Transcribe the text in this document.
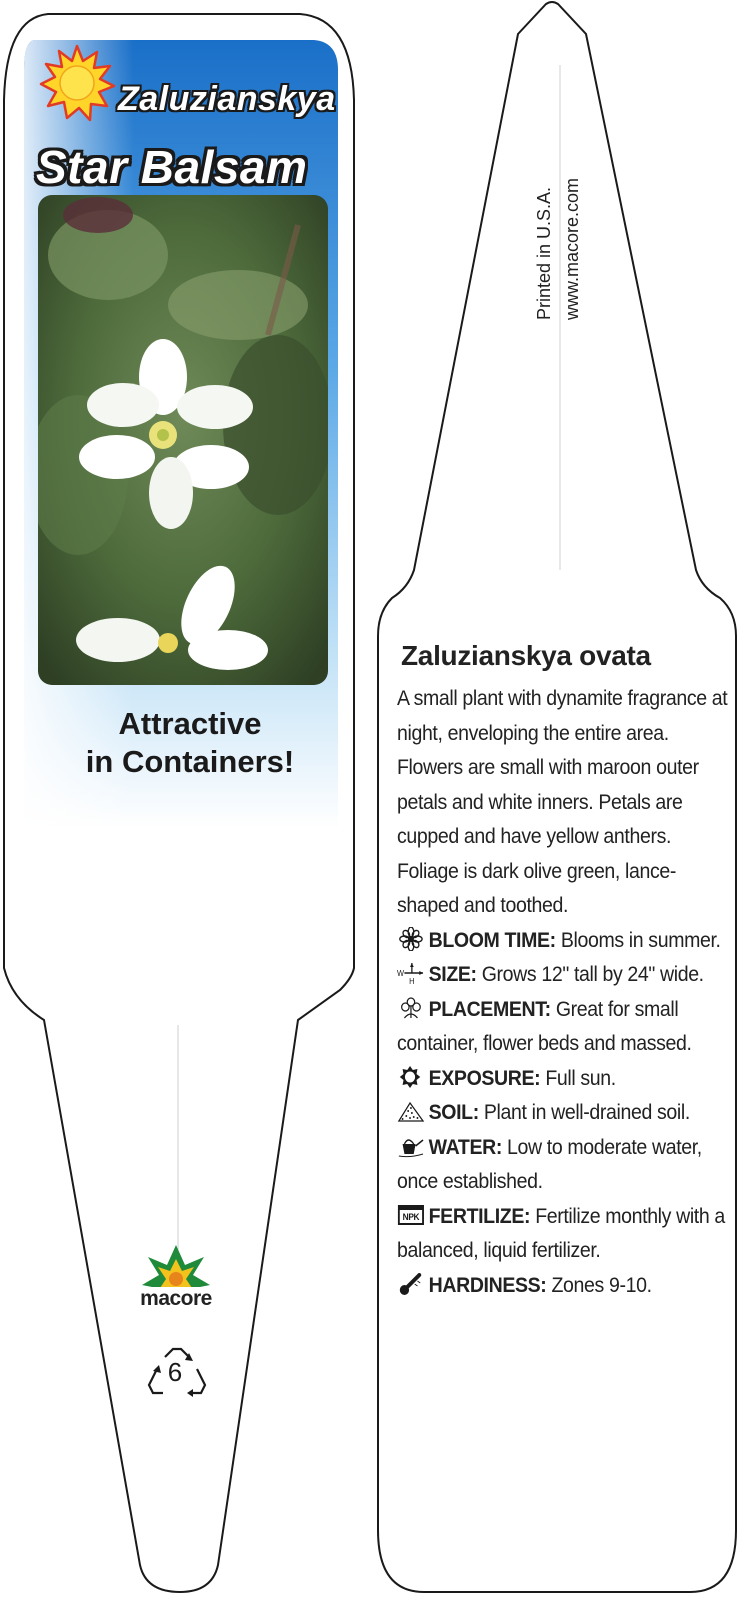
Zaluzianskya
Star Balsam
Attractive
in Containers!
macore
6
Printed in U.S.A. www.macore.com
Zaluzianskya ovata
A small plant with dynamite fragrance at night, enveloping the entire area. Flowers are small with maroon outer petals and white inners. Petals are cupped and have yellow anthers. Foliage is dark olive green, lance-shaped and toothed.
BLOOM TIME: Blooms in summer.
W
H SIZE: Grows 12" tall by 24" wide.
PLACEMENT: Great for small container, flower beds and massed.
EXPOSURE: Full sun.
SOIL: Plant in well-drained soil.
WATER: Low to moderate water, once established.
NPK FERTILIZE: Fertilize monthly with a balanced, liquid fertilizer.
HARDINESS: Zones 9-10.
